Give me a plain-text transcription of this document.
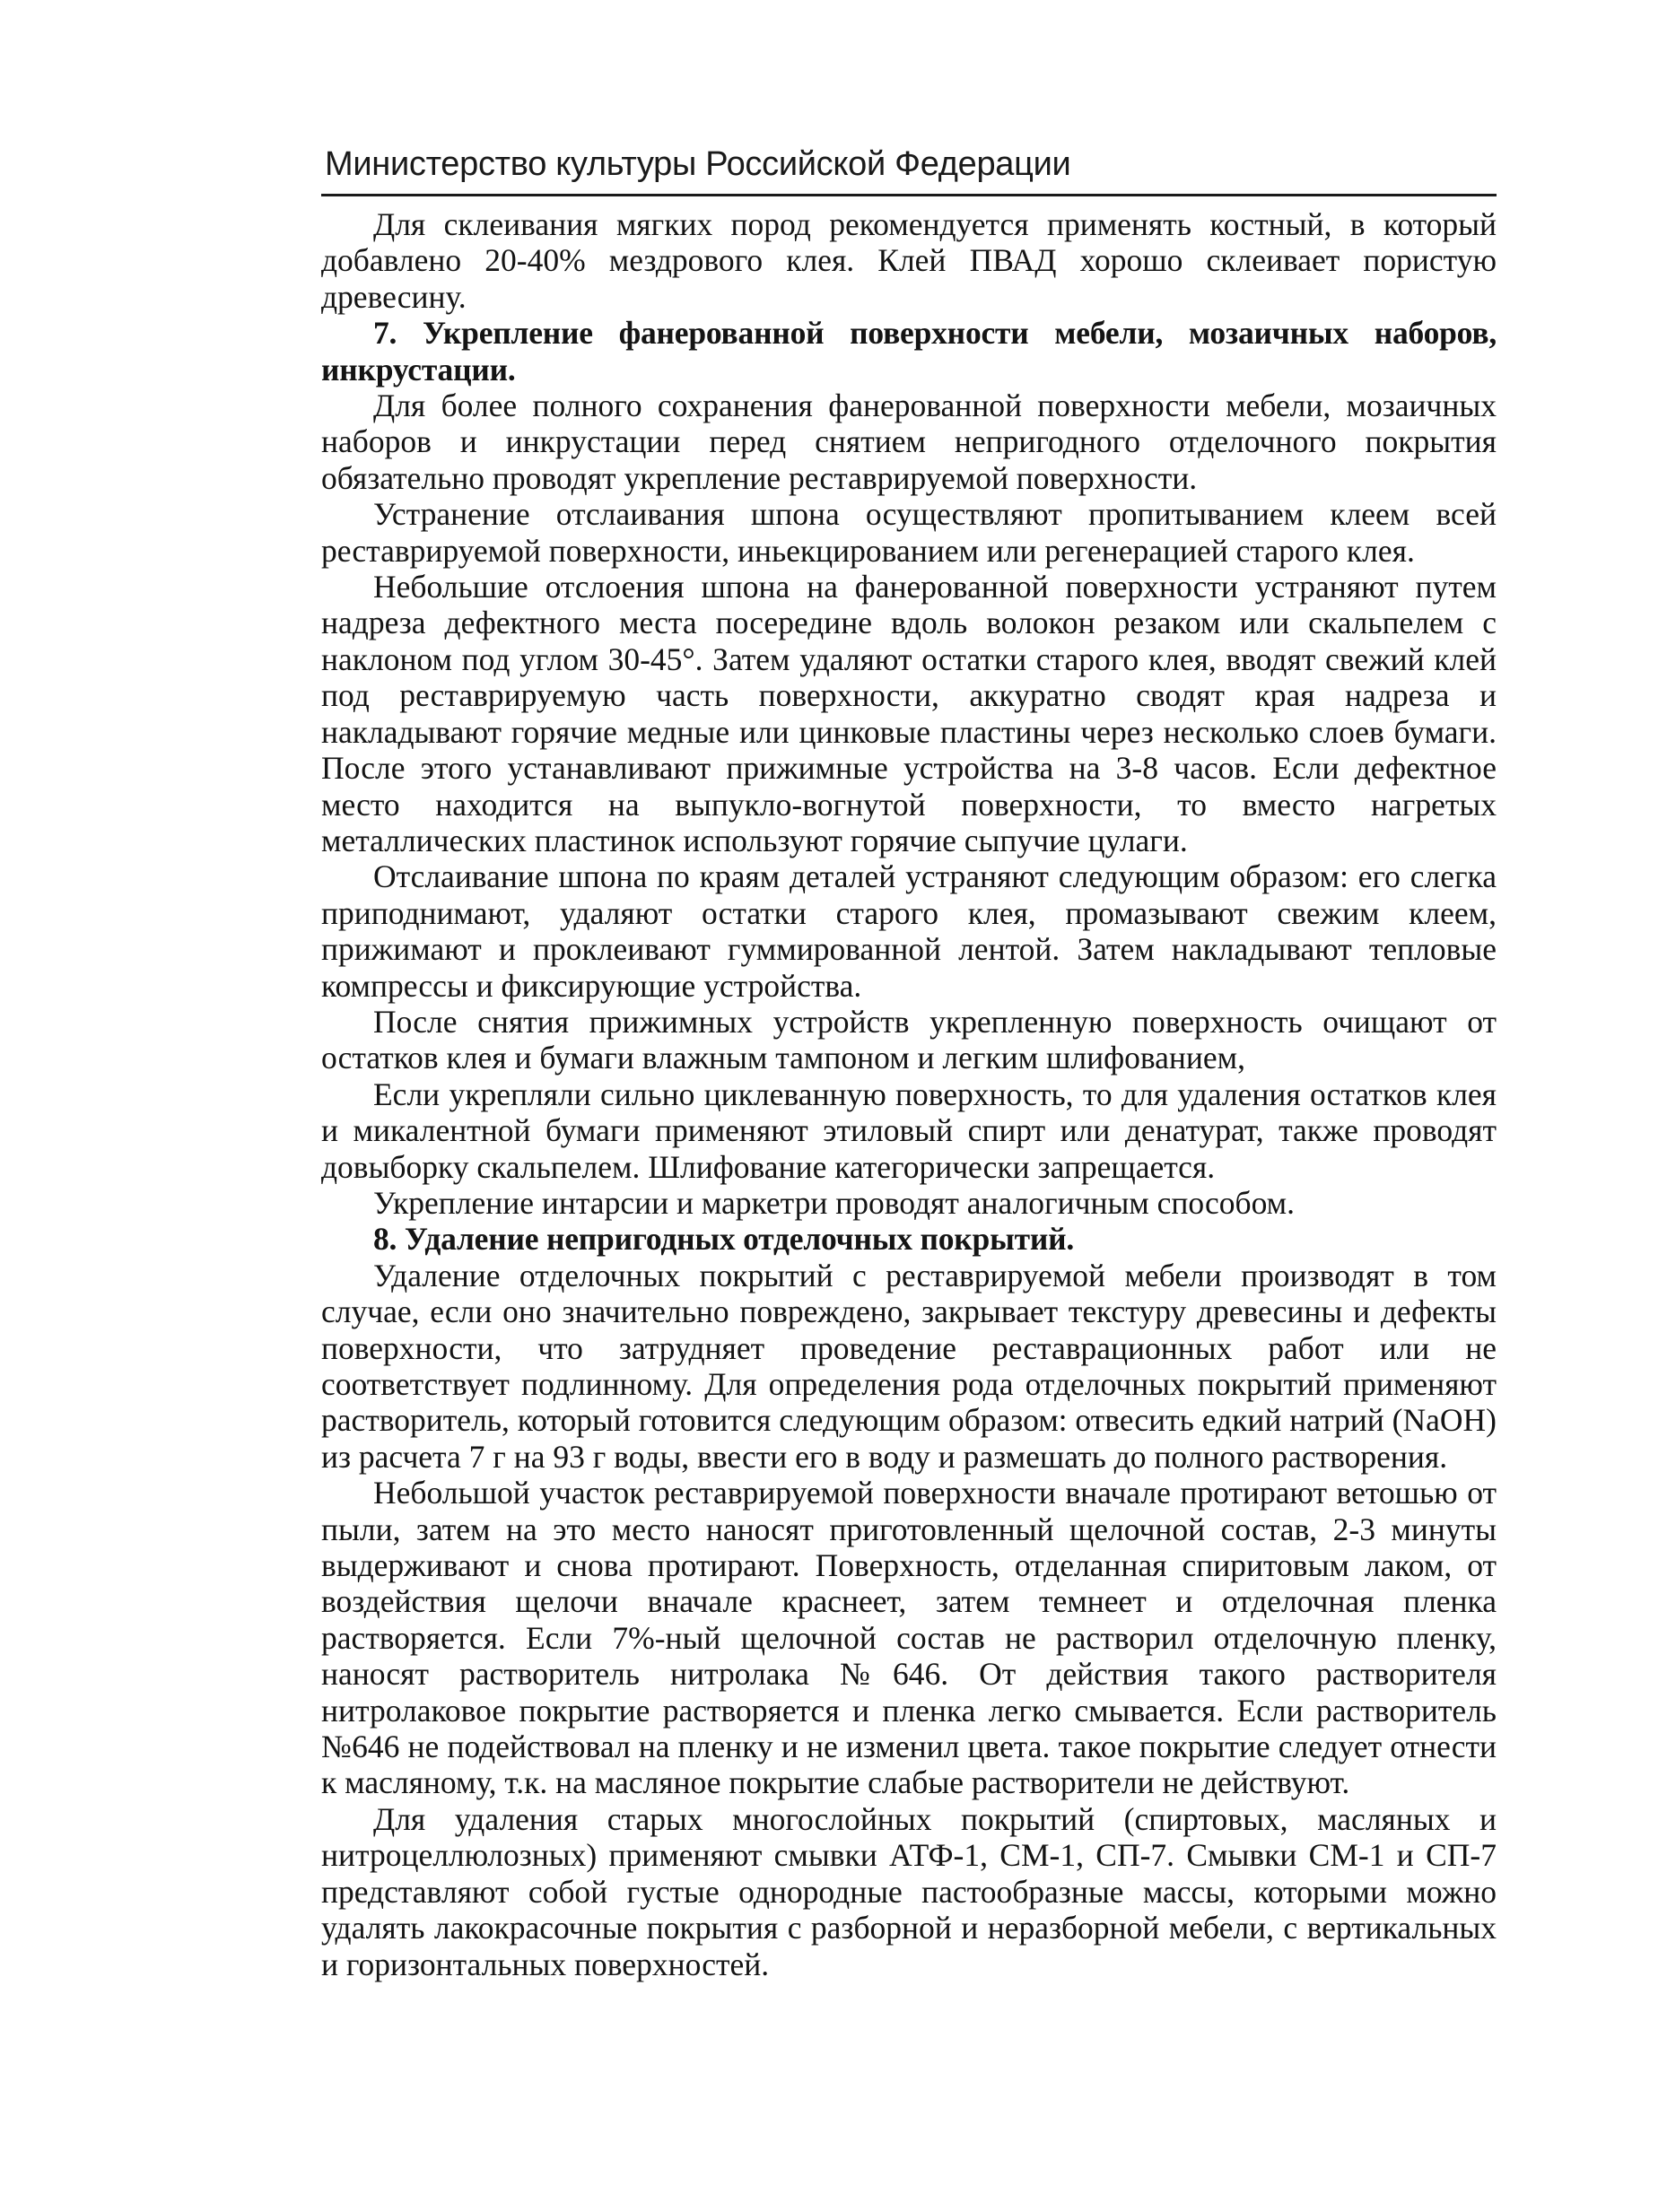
Министерство культуры Российской Федерации

Для склеивания мягких пород рекомендуется применять костный, в который добавлено 20-40% мездрового клея. Клей ПВАД хорошо склеивает пористую древесину.

7. Укрепление фанерованной поверхности мебели, мозаичных наборов, инкрустации.

Для более полного сохранения фанерованной поверхности мебели, мозаичных наборов и инкрустации перед снятием непригодного отделочного покрытия обязательно проводят укрепление реставрируемой поверхности.

Устранение отслаивания шпона осуществляют пропитыванием клеем всей реставрируемой поверхности, иньекцированием или регенерацией старого клея.

Небольшие отслоения шпона на фанерованной поверхности устраняют путем надреза дефектного места посередине вдоль волокон резаком или скальпелем с наклоном под углом 30-45°. Затем удаляют остатки старого клея, вводят свежий клей под реставрируемую часть поверхности, аккуратно сводят края надреза и накладывают горячие медные или цинковые пластины через несколько слоев бумаги. После этого устанавливают прижимные устройства на 3-8 часов. Если дефектное место находится на выпукло-вогнутой поверхности, то вместо нагретых металлических пластинок используют горячие сыпучие цулаги.

Отслаивание шпона по краям деталей устраняют следующим образом: его слегка приподнимают, удаляют остатки старого клея, промазывают свежим клеем, прижимают и проклеивают гуммированной лентой. Затем накладывают тепловые компрессы и фиксирующие устройства.

После снятия прижимных устройств укрепленную поверхность очищают от остатков клея и бумаги влажным тампоном и легким шлифованием,

Если укрепляли сильно циклеванную поверхность, то для удаления остатков клея и микалентной бумаги применяют этиловый спирт или денатурат, также проводят довыборку скальпелем. Шлифование категорически запрещается.

Укрепление интарсии и маркетри проводят аналогичным способом.

8. Удаление непригодных отделочных покрытий.

Удаление отделочных покрытий с реставрируемой мебели производят в том случае, если оно значительно повреждено, закрывает текстуру древесины и дефекты поверхности, что затрудняет проведение реставрационных работ или не соответствует подлинному. Для определения рода отделочных покрытий применяют растворитель, который готовится следующим образом: отвесить едкий натрий (NaOH) из расчета 7 г на 93 г воды, ввести его в воду и размешать до полного растворения.

Небольшой участок реставрируемой поверхности вначале протирают ветошью от пыли, затем на это место наносят приготовленный щелочной состав, 2-3 минуты выдерживают и снова протирают. Поверхность, отделанная спиритовым лаком, от воздействия щелочи вначале краснеет, затем темнеет и отделочная пленка растворяется. Если 7%-ный щелочной состав не растворил отделочную пленку, наносят растворитель нитролака №646. От действия такого растворителя нитролаковое покрытие растворяется и пленка легко смывается. Если растворитель №646 не подействовал на пленку и не изменил цвета. такое покрытие следует отнести к масляному, т.к. на масляное покрытие слабые растворители не действуют.

Для удаления старых многослойных покрытий (спиртовых, масляных и нитроцеллюлозных) применяют смывки АТФ-1, СМ-1, СП-7. Смывки СМ-1 и СП-7 представляют собой густые однородные пастообразные массы, которыми можно удалять лакокрасочные покрытия с разборной и неразборной мебели, с вертикальных и горизонтальных поверхностей.
